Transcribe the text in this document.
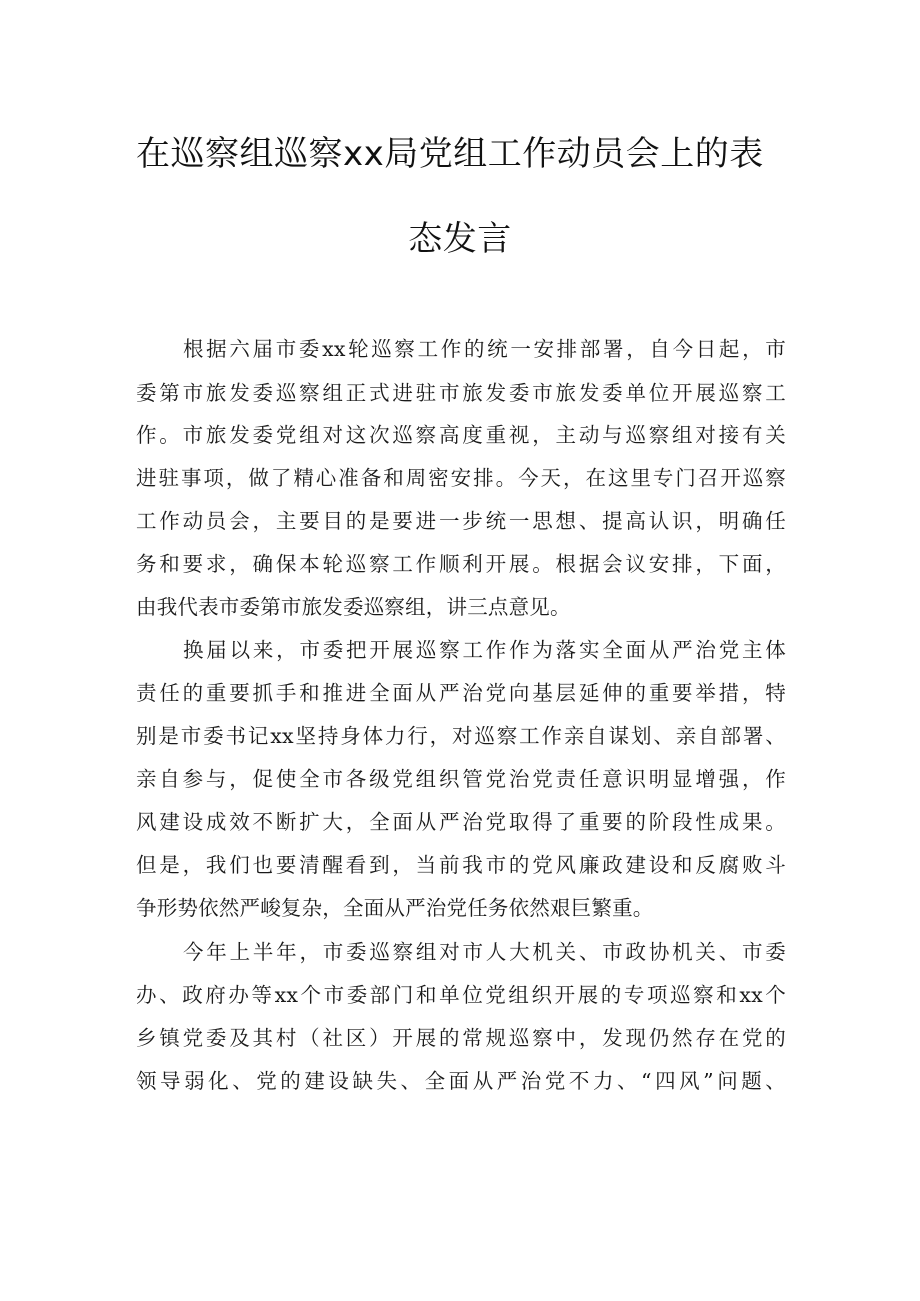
在巡察组巡察xx局党组工作动员会上的表
态发言

根据六届市委xx轮巡察工作的统一安排部署，自今日起，市

委第市旅发委巡察组正式进驻市旅发委市旅发委单位开展巡察工

作。市旅发委党组对这次巡察高度重视，主动与巡察组对接有关

进驻事项，做了精心准备和周密安排。今天，在这里专门召开巡察

工作动员会，主要目的是要进一步统一思想、提高认识，明确任

务和要求，确保本轮巡察工作顺利开展。根据会议安排，下面，

由我代表市委第市旅发委巡察组，讲三点意见。

换届以来，市委把开展巡察工作作为落实全面从严治党主体

责任的重要抓手和推进全面从严治党向基层延伸的重要举措，特

别是市委书记xx坚持身体力行，对巡察工作亲自谋划、亲自部署、

亲自参与，促使全市各级党组织管党治党责任意识明显增强，作

风建设成效不断扩大，全面从严治党取得了重要的阶段性成果。

但是，我们也要清醒看到，当前我市的党风廉政建设和反腐败斗

争形势依然严峻复杂，全面从严治党任务依然艰巨繁重。

今年上半年，市委巡察组对市人大机关、市政协机关、市委

办、政府办等xx个市委部门和单位党组织开展的专项巡察和xx个

乡镇党委及其村（社区）开展的常规巡察中，发现仍然存在党的

领导弱化、党的建设缺失、全面从严治党不力、“四风”问题、
